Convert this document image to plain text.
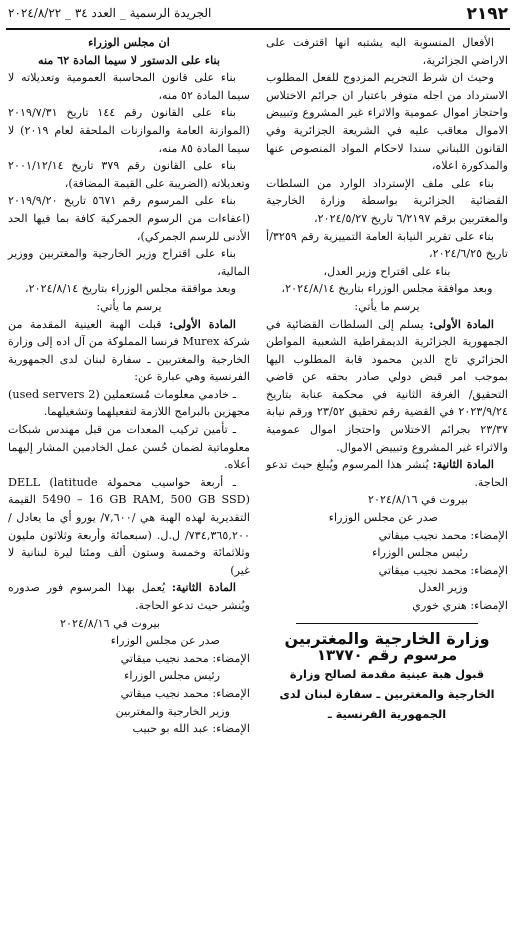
٢١٩٢
الجريدة الرسمية _ العدد ٣٤ _ ٢٠٢٤/٨/٢٢

الأفعال المنسوبة اليه يشتبه انها اقترفت على الاراضي الجزائرية،

وحيث ان شرط التجريم المزدوج للفعل المطلوب الاسترداد من اجله متوفر باعتبار ان جرائم الاختلاس واحتجاز اموال عمومية والاثراء غير المشروع وتبييض الاموال معاقب عليه في الشريعة الجزائرية وفي القانون اللبناني سندا لاحكام المواد المنصوص عنها والمذكورة اعلاه،

بناء على ملف الإسترداد الوارد من السلطات القضائية الجزائرية بواسطة وزارة الخارجية والمغتربين برقم ٦/٢١٩٧ تاريخ ٢٠٢٤/٥/٢٧،

بناء على تقرير النيابة العامة التمييزية رقم ٣٢٥٩/أ تاريخ ٢٠٢٤/٦/٢٥،

بناء على اقتراح وزير العدل،

وبعد موافقة مجلس الوزراء بتاريخ ٢٠٢٤/٨/١٤،

يرسم ما يأتي:

المادة الأولى: يسلم إلى السلطات القضائية في الجمهورية الجزائرية الديمقراطية الشعبية المواطن الجزائري تاج الدين محمود قابة المطلوب اليها بموجب امر قبض دولي صادر بحقه عن قاضي التحقيق/ الغرفة الثانية في محكمة عنابة بتاريخ ٢٠٢٣/٩/٢٤ في القضية رقم تحقيق ٢٣/٥٢ ورقم نيابة ٢٣/٣٧ بجرائم الاختلاس واحتجاز اموال عمومية والاثراء غير المشروع وتبييض الاموال.

المادة الثانية: يُنشر هذا المرسوم ويُبلغ حيث تدعو الحاجة.

بيروت في ٢٠٢٤/٨/١٦

صدر عن مجلس الوزراء

الإمضاء: محمد نجيب ميقاتي

رئيس مجلس الوزراء

الإمضاء: محمد نجيب ميقاتي

وزير العدل

الإمضاء: هنري خوري

وزارة الخارجية والمغتربين

مرسوم رقم ١٣٧٧٠

قبول هبة عينية مقدمة لصالح وزارة الخارجية والمغتربين ـ سفارة لبنان لدى الجمهورية الفرنسية ـ

ان مجلس الوزراء

بناء على الدستور لا سيما المادة ٦٢ منه

بناء على قانون المحاسبة العمومية وتعديلاته لا سيما المادة ٥٢ منه،

بناء على القانون رقم ١٤٤ تاريخ ٢٠١٩/٧/٣١ (الموازنة العامة والموازنات الملحقة لعام ٢٠١٩) لا سيما المادة ٨٥ منه،

بناء على القانون رقم ٣٧٩ تاريخ ٢٠٠١/١٢/١٤ وتعديلاته (الضريبة على القيمة المضافة)،

بناء على المرسوم رقم ٥٦٧١ تاريخ ٢٠١٩/٩/٢٠ (اعفاءات من الرسوم الجمركية كافة بما فيها الحد الأدنى للرسم الجمركي)،

بناء على اقتراح وزير الخارجية والمغتربين ووزير المالية،

وبعد موافقة مجلس الوزراء بتاريخ ٢٠٢٤/٨/١٤،

يرسم ما يأتي:

المادة الأولى: قبلت الهبة العينية المقدمة من شركة Murex فرنسا المملوكة من آل اده إلى وزارة الخارجية والمغتربين ـ سفارة لبنان لدى الجمهورية الفرنسية وهي عبارة عن:

ـ خادمي معلومات مُستعملين (2 used servers) مجهزين بالبرامج اللازمة لتفعيلهما وتشغيلهما.

ـ تأمين تركيب المعدات من قبل مهندس شبكات معلوماتية لضمان حُسن عمل الخادمين المشار إليهما أعلاه.

ـ أربعة حواسيب محمولة DELL (latitude 5490 – 16 GB RAM, 500 GB SSD) القيمة التقديرية لهذه الهبة هي /٧,٦٠٠/ يورو أي ما يعادل /٧٣٤,٣٦٥,٢٠٠/ ل.ل. (سبعمائة وأربعة وثلاثون مليون وثلاثمائة وخمسة وستون ألف ومئتا ليرة لبنانية لا غير)

المادة الثانية: يُعمل بهذا المرسوم فور صدوره ويُنشر حيث تدعو الحاجة.

بيروت في ٢٠٢٤/٨/١٦

صدر عن مجلس الوزراء

الإمضاء: محمد نجيب ميقاتي

رئيس مجلس الوزراء

الإمضاء: محمد نجيب ميقاتي

وزير الخارجية والمغتربين

الإمضاء: عبد الله بو حبيب
